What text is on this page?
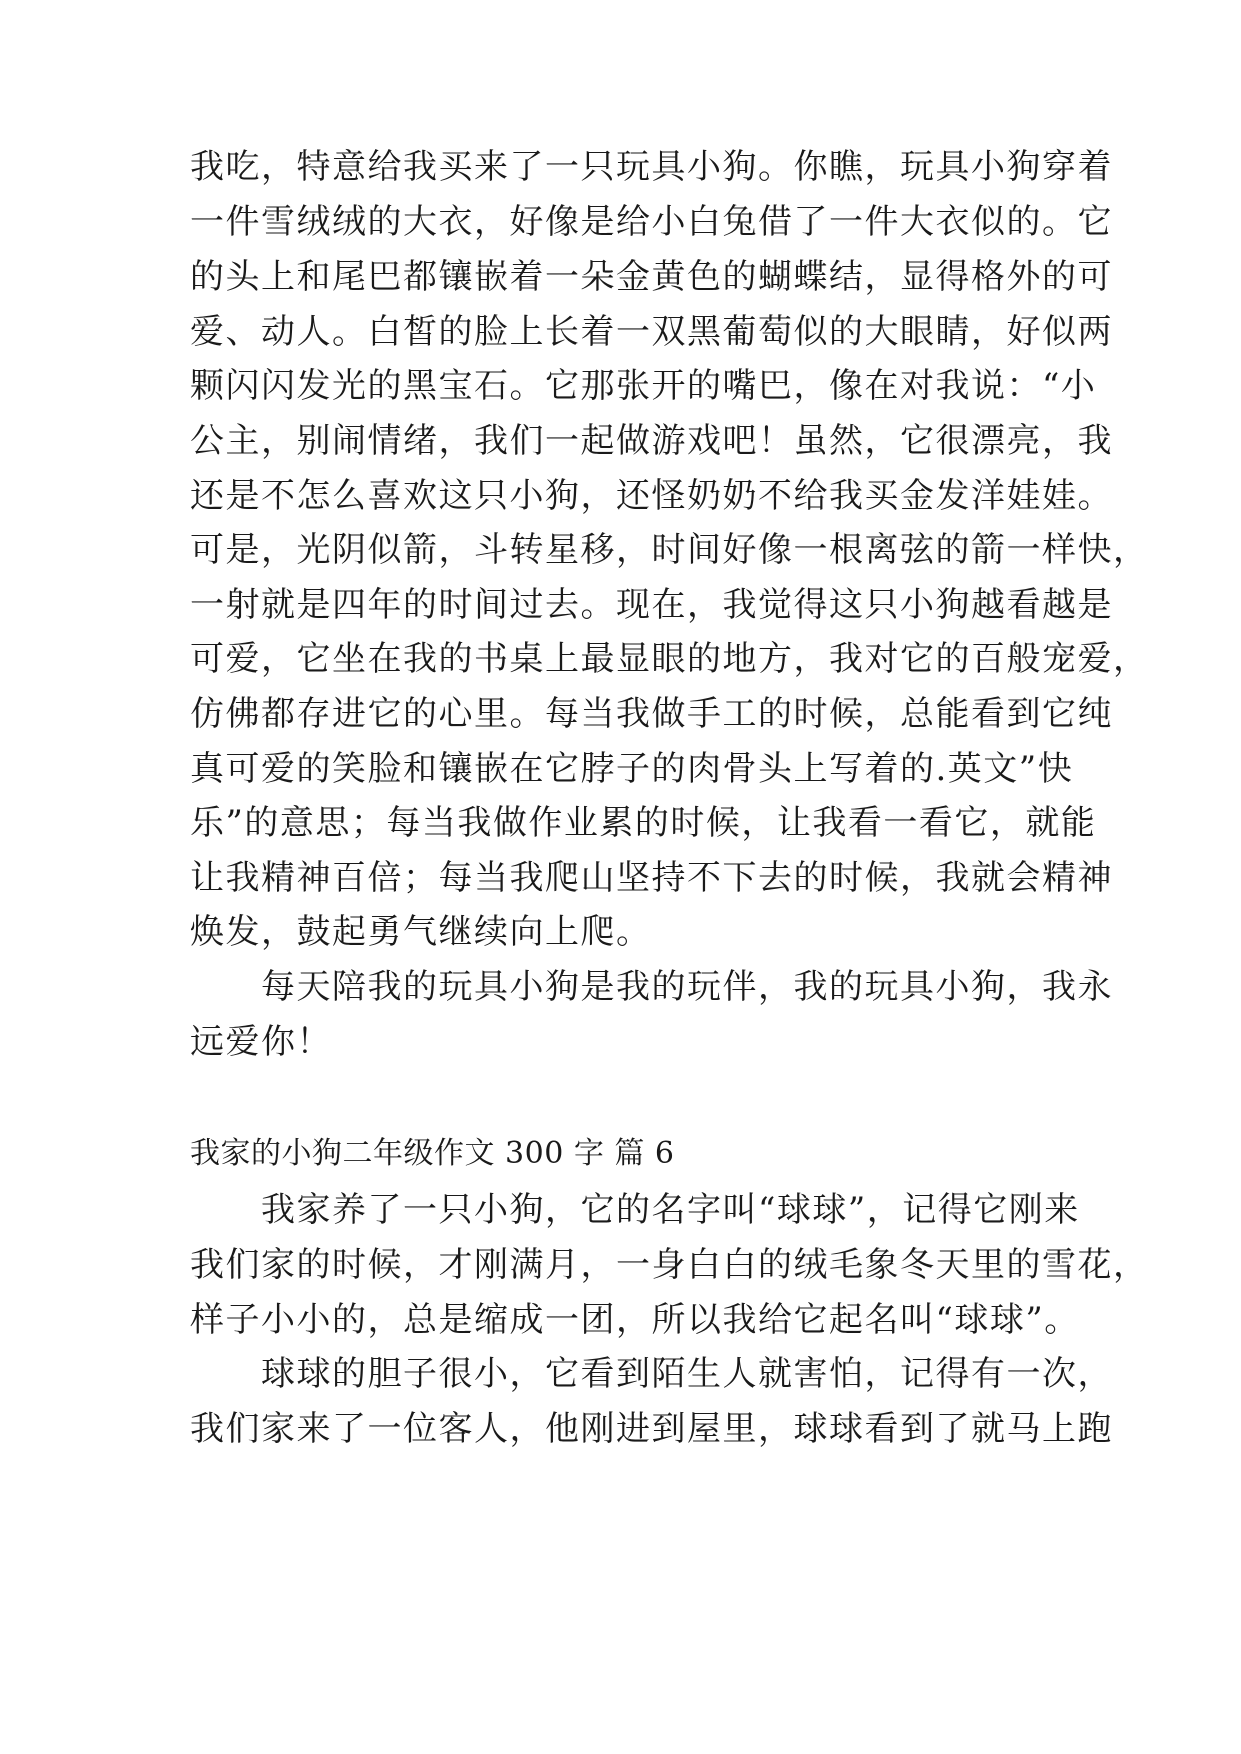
我吃，特意给我买来了一只玩具小狗。你瞧，玩具小狗穿着
一件雪绒绒的大衣，好像是给小白兔借了一件大衣似的。它
的头上和尾巴都镶嵌着一朵金黄色的蝴蝶结，显得格外的可
爱、动人。白皙的脸上长着一双黑葡萄似的大眼睛，好似两
颗闪闪发光的黑宝石。它那张开的嘴巴，像在对我说：“小
公主，别闹情绪，我们一起做游戏吧！虽然，它很漂亮，我
还是不怎么喜欢这只小狗，还怪奶奶不给我买金发洋娃娃。
可是，光阴似箭，斗转星移，时间好像一根离弦的箭一样快，
一射就是四年的时间过去。现在，我觉得这只小狗越看越是
可爱，它坐在我的书桌上最显眼的地方，我对它的百般宠爱，
仿佛都存进它的心里。每当我做手工的时候，总能看到它纯
真可爱的笑脸和镶嵌在它脖子的肉骨头上写着的.英文”快
乐”的意思；每当我做作业累的时候，让我看一看它，就能
让我精神百倍；每当我爬山坚持不下去的时候，我就会精神
焕发，鼓起勇气继续向上爬。
　　每天陪我的玩具小狗是我的玩伴，我的玩具小狗，我永
远爱你！
我家的小狗二年级作文 300 字 篇 6
　　我家养了一只小狗，它的名字叫“球球”，记得它刚来
我们家的时候，才刚满月，一身白白的绒毛象冬天里的雪花，
样子小小的，总是缩成一团，所以我给它起名叫“球球”。
　　球球的胆子很小，它看到陌生人就害怕，记得有一次，
我们家来了一位客人，他刚进到屋里，球球看到了就马上跑
